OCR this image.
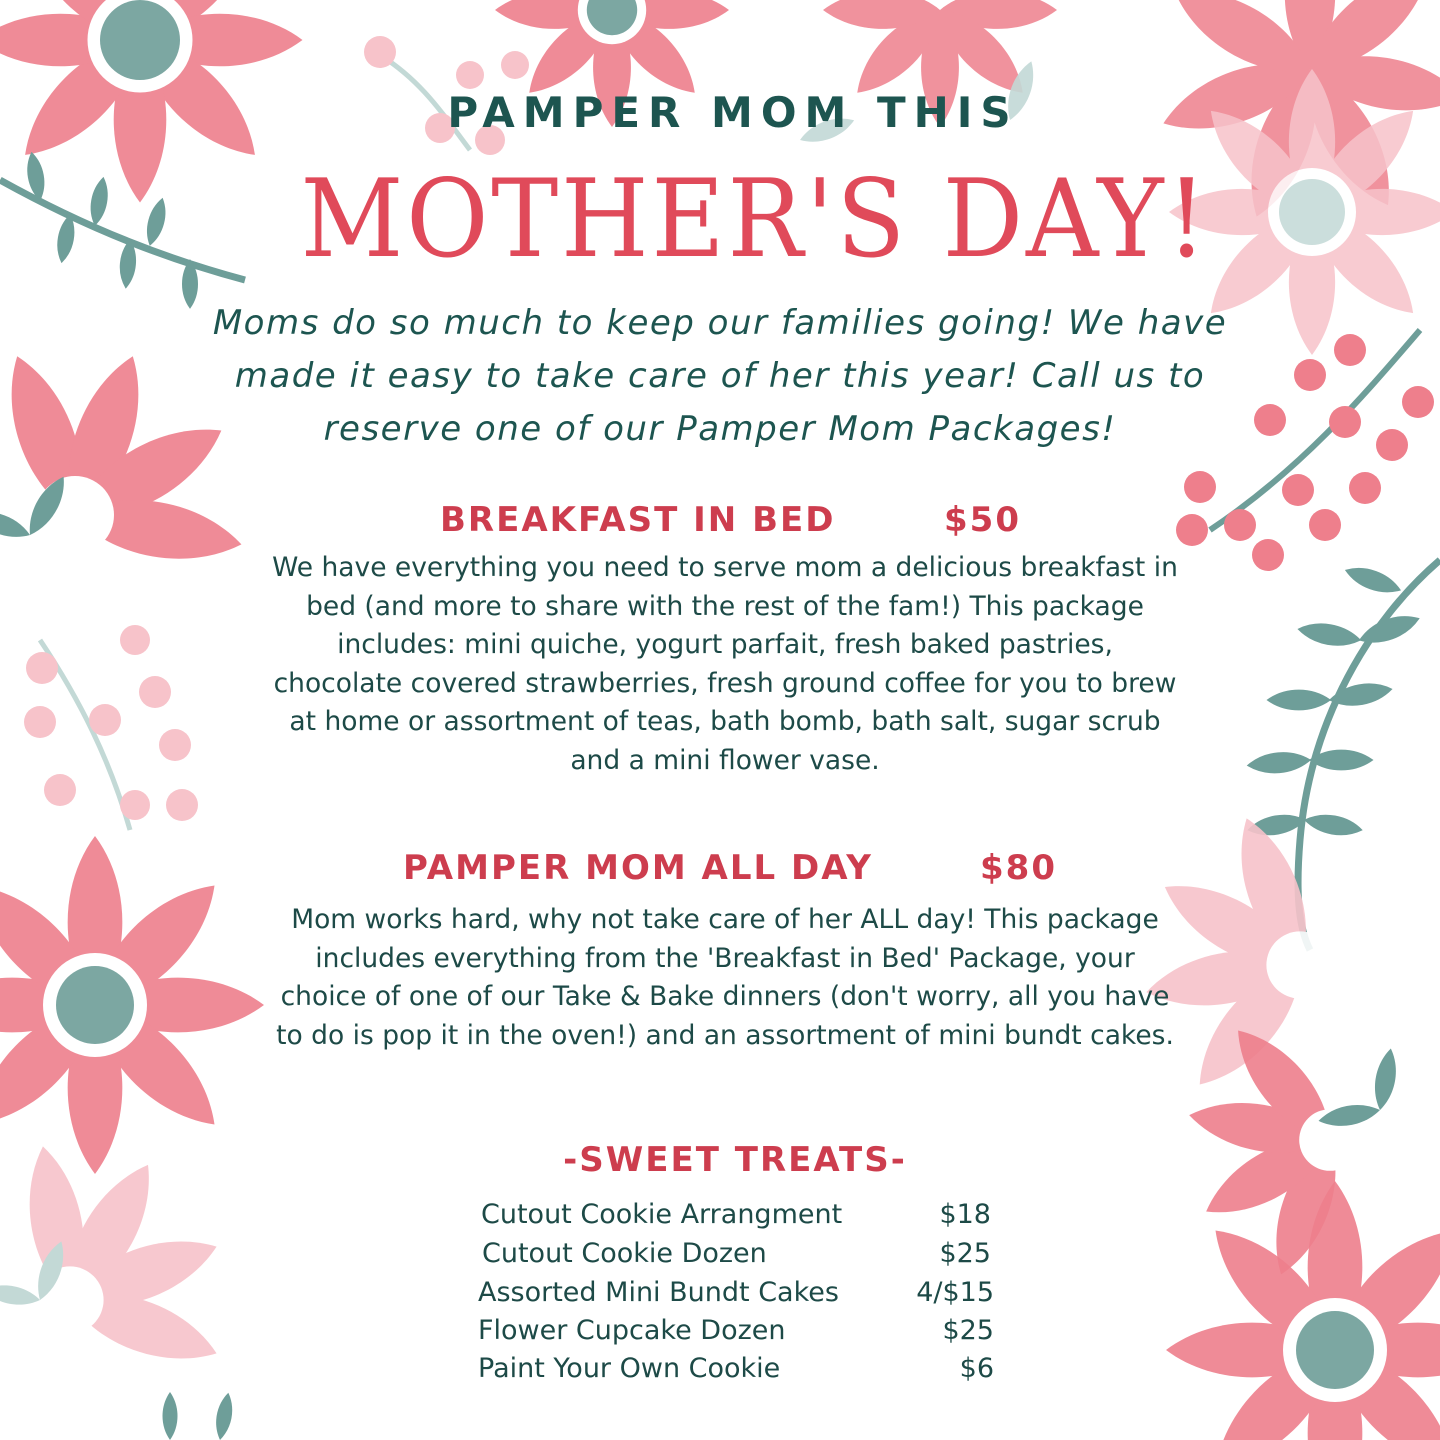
PAMPER MOM THIS
MOTHER'S DAY!
Moms do so much to keep our families going! We have made it easy to take care of her this year! Call us to reserve one of our Pamper Mom Packages!
BREAKFAST IN BED	$50
We have everything you need to serve mom a delicious breakfast in bed (and more to share with the rest of the fam!) This package includes: mini quiche, yogurt parfait, fresh baked pastries, chocolate covered strawberries, fresh ground coffee for you to brew at home or assortment of teas, bath bomb, bath salt, sugar scrub and a mini flower vase.
PAMPER MOM ALL DAY	$80
Mom works hard, why not take care of her ALL day! This package includes everything from the 'Breakfast in Bed' Package, your choice of one of our Take & Bake dinners (don't worry, all you have to do is pop it in the oven!) and an assortment of mini bundt cakes.
-SWEET TREATS-
Cutout Cookie Arrangment	$18
Cutout Cookie Dozen	$25
Assorted Mini Bundt Cakes	4/$15
Flower Cupcake Dozen	$25
Paint Your Own Cookie	$6
